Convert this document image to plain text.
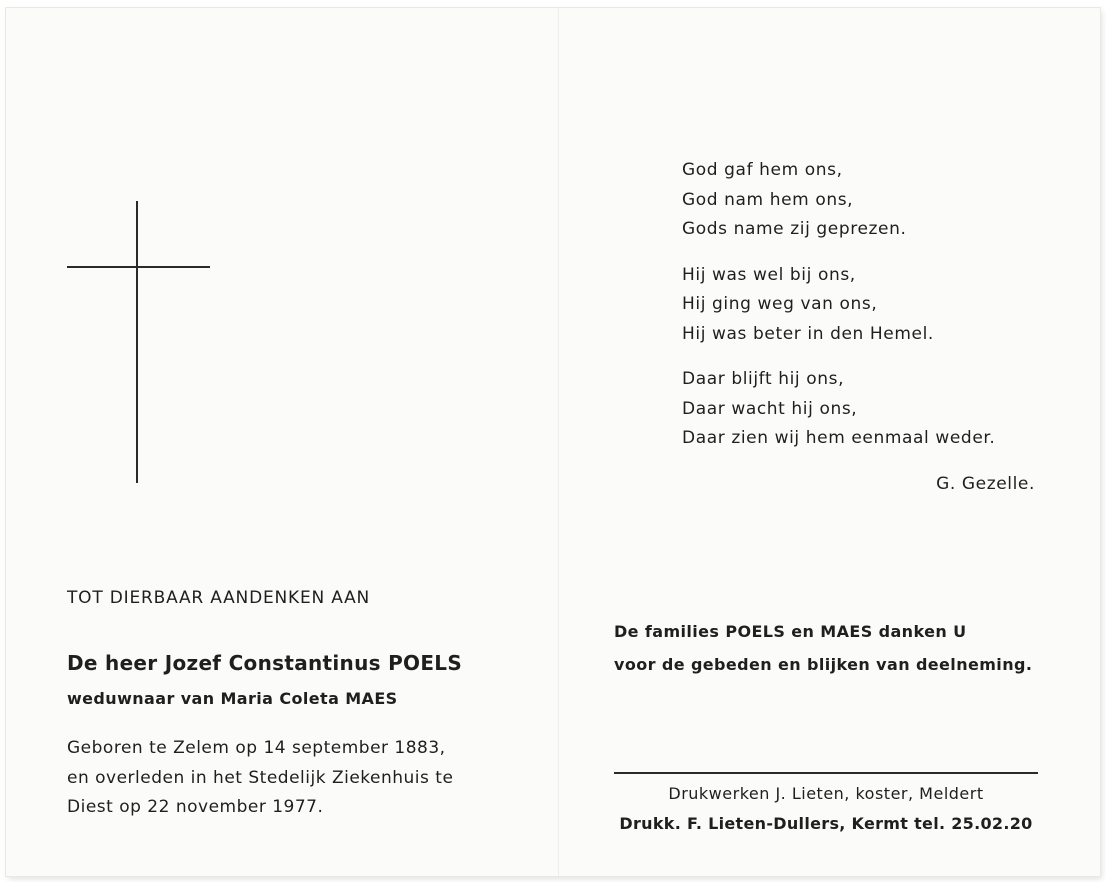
God gaf hem ons,
God nam hem ons,
Gods name zij geprezen.
Hij was wel bij ons,
Hij ging weg van ons,
Hij was beter in den Hemel.
Daar blijft hij ons,
Daar wacht hij ons,
Daar zien wij hem eenmaal weder.
G. Gezelle.
TOT DIERBAAR AANDENKEN AAN
De heer Jozef Constantinus POELS
weduwnaar van Maria Coleta MAES
Geboren te Zelem op 14 september 1883,
en overleden in het Stedelijk Ziekenhuis te
Diest op 22 november 1977.
De families POELS en MAES danken U
voor de gebeden en blijken van deelneming.
Drukwerken J. Lieten, koster, Meldert
Drukk. F. Lieten-Dullers, Kermt tel. 25.02.20
